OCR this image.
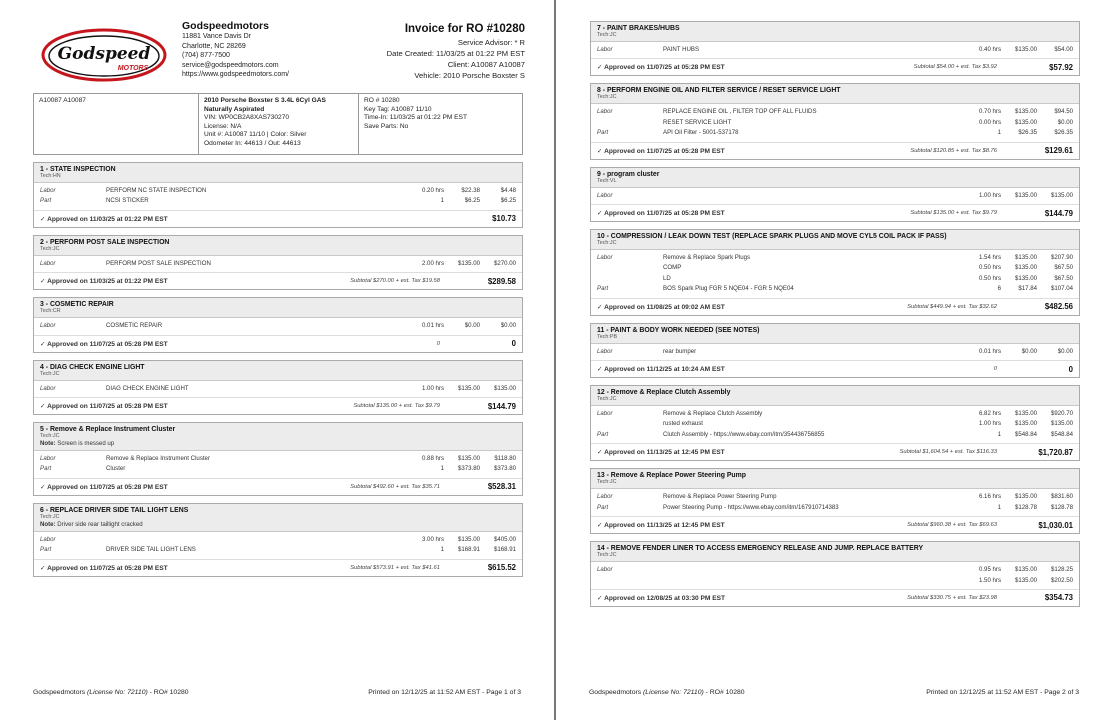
Godspeed
MOTORS
Godspeedmotors
11881 Vance Davis Dr
Charlotte, NC 28269
(704) 877-7500
service@godspeedmotors.com
https://www.godspeedmotors.com/
Invoice for RO #10280
Service Advisor: * R
Date Created: 11/03/25 at 01:22 PM EST
Client: A10087 A10087
Vehicle: 2010 Porsche Boxster S
A10087 A10087	2010 Porsche Boxster S 3.4L 6Cyl GAS
Naturally Aspirated
VIN: WP0CB2A8XAS730270
License: N/A
Unit #: A10087 11/10 | Color: Silver
Odometer In: 44613 / Out: 44613
RO # 10280
Key Tag: A10087 11/10
Time-In: 11/03/25 at 01:22 PM EST
Save Parts: No
1 - STATE INSPECTION
Tech:HN
Labor	PERFORM NC STATE INSPECTION	0.20 hrs	$22.38	$4.48
Part	NCSI STICKER	1	$6.25	$6.25
✓ Approved on 11/03/25 at 01:22 PM EST	$10.73
2 - PERFORM POST SALE INSPECTION
Tech:JC
Labor	PERFORM POST SALE INSPECTION	2.00 hrs	$135.00	$270.00
✓ Approved on 11/03/25 at 01:22 PM EST	Subtotal $270.00 + est. Tax $19.58	$289.58
3 - COSMETIC REPAIR
Tech:CR
Labor	COSMETIC REPAIR	0.01 hrs	$0.00	$0.00
✓ Approved on 11/07/25 at 05:28 PM EST	0	0
4 - DIAG CHECK ENGINE LIGHT
Tech:JC
Labor	DIAG CHECK ENGINE LIGHT	1.00 hrs	$135.00	$135.00
✓ Approved on 11/07/25 at 05:28 PM EST	Subtotal $135.00 + est. Tax $9.79	$144.79
5 - Remove & Replace Instrument Cluster
Tech:JC
Note: Screen is messed up
Labor	Remove & Replace Instrument Cluster	0.88 hrs	$135.00	$118.80
Part	Cluster	1	$373.80	$373.80
✓ Approved on 11/07/25 at 05:28 PM EST	Subtotal $492.60 + est. Tax $35.71	$528.31
6 - REPLACE DRIVER SIDE TAIL LIGHT LENS
Tech:JC
Note: Driver side rear taillight cracked
Labor	3.00 hrs	$135.00	$405.00
Part	DRIVER SIDE TAIL LIGHT LENS	1	$168.91	$168.91
✓ Approved on 11/07/25 at 05:28 PM EST	Subtotal $573.91 + est. Tax $41.61	$615.52
Godspeedmotors (License No: 72110) - RO# 10280	Printed on 12/12/25 at 11:52 AM EST - Page 1 of 3	Godspeedmotors (License No: 72110) - RO# 10280	Printed on 12/12/25 at 11:52 AM EST - Page 2 of 3
7 - PAINT BRAKES/HUBS
Tech:JC
Labor	PAINT HUBS	0.40 hrs	$135.00	$54.00
✓ Approved on 11/07/25 at 05:28 PM EST	Subtotal $54.00 + est. Tax $3.92	$57.92
8 - PERFORM ENGINE OIL AND FILTER SERVICE / RESET SERVICE LIGHT
Tech:JC
Labor	REPLACE ENGINE OIL , FILTER TOP OFF ALL FLUIDS	0.70 hrs	$135.00	$94.50
RESET SERVICE LIGHT	0.00 hrs	$135.00	$0.00
Part	API Oil Filter - 5001-537178	1	$26.35	$26.35
✓ Approved on 11/07/25 at 05:28 PM EST	Subtotal $120.85 + est. Tax $8.76	$129.61
9 - program cluster
Tech:VL
Labor	1.00 hrs	$135.00	$135.00
✓ Approved on 11/07/25 at 05:28 PM EST	Subtotal $135.00 + est. Tax $9.79	$144.79
10 - COMPRESSION / LEAK DOWN TEST (REPLACE SPARK PLUGS AND MOVE CYL5 COIL PACK IF PASS)
Tech:JC
Labor	Remove & Replace Spark Plugs	1.54 hrs	$135.00	$207.90
COMP	0.50 hrs	$135.00	$67.50
LD	0.50 hrs	$135.00	$67.50
Part	BOS Spark Plug FGR 5 NQE04 - FGR 5 NQE04	6	$17.84	$107.04
✓ Approved on 11/08/25 at 09:02 AM EST	Subtotal $449.94 + est. Tax $32.62	$482.56
11 - PAINT & BODY WORK NEEDED (SEE NOTES)
Tech:PB
Labor	rear bumper	0.01 hrs	$0.00	$0.00
✓ Approved on 11/12/25 at 10:24 AM EST	0	0
12 - Remove & Replace Clutch Assembly
Tech:JC
Labor	Remove & Replace Clutch Assembly	6.82 hrs	$135.00	$920.70
rusted exhaust	1.00 hrs	$135.00	$135.00
Part	Clutch Assembly - https://www.ebay.com/itm/354436756855	1	$548.84	$548.84
✓ Approved on 11/13/25 at 12:45 PM EST	Subtotal $1,604.54 + est. Tax $116.33	$1,720.87
13 - Remove & Replace Power Steering Pump
Tech:JC
Labor	Remove & Replace Power Steering Pump	6.16 hrs	$135.00	$831.60
Part	Power Steering Pump - https://www.ebay.com/itm/167910714383	1	$128.78	$128.78
✓ Approved on 11/13/25 at 12:45 PM EST	Subtotal $960.38 + est. Tax $69.63	$1,030.01
14 - REMOVE FENDER LINER TO ACCESS EMERGENCY RELEASE AND JUMP. REPLACE BATTERY
Tech:JC
Labor	0.95 hrs	$135.00	$128.25
1.50 hrs	$135.00	$202.50
✓ Approved on 12/08/25 at 03:30 PM EST	Subtotal $330.75 + est. Tax $23.98	$354.73
